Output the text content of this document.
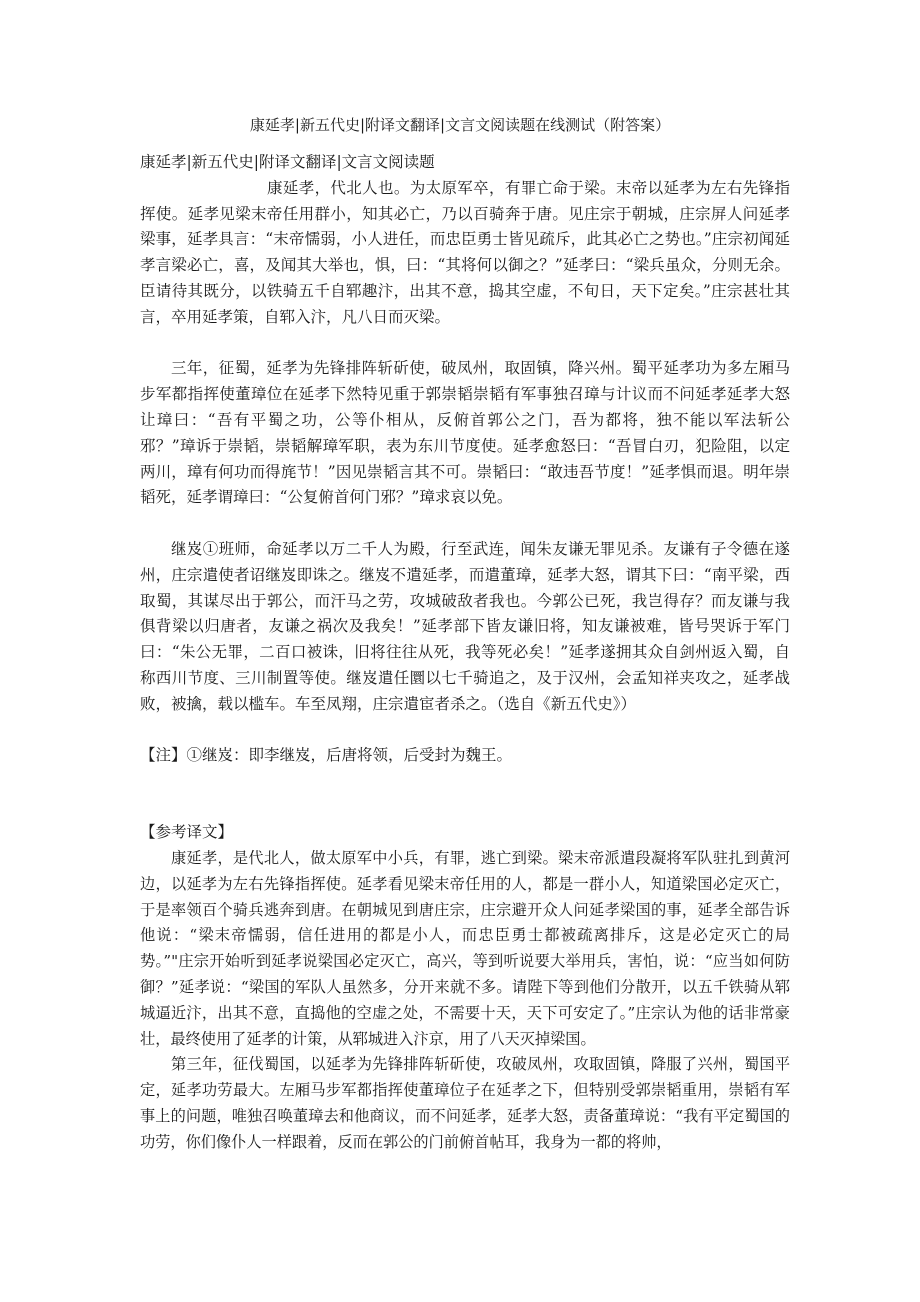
康延孝|新五代史|附译文翻译|文言文阅读题在线测试（附答案）

康延孝|新五代史|附译文翻译|文言文阅读题

康延孝，代北人也。为太原军卒，有罪亡命于梁。末帝以延孝为左右先锋指挥使。延孝见梁末帝任用群小，知其必亡，乃以百骑奔于唐。见庄宗于朝城，庄宗屏人问延孝梁事，延孝具言：“末帝懦弱，小人进任，而忠臣勇士皆见疏斥，此其必亡之势也。”庄宗初闻延孝言梁必亡，喜，及闻其大举也，惧，曰：“其将何以御之？”延孝曰：“梁兵虽众，分则无余。臣请待其既分，以铁骑五千自郓趣汴，出其不意，捣其空虚，不旬日，天下定矣。”庄宗甚壮其言，卒用延孝策，自郓入汴，凡八日而灭梁。

三年，征蜀，延孝为先锋排阵斩斫使，破凤州，取固镇，降兴州。蜀平延孝功为多左厢马步军都指挥使董璋位在延孝下然特见重于郭崇韬崇韬有军事独召璋与计议而不问延孝延孝大怒让璋曰：“吾有平蜀之功，公等仆相从，反俯首郭公之门，吾为都将，独不能以军法斩公邪？”璋诉于崇韬，崇韬解璋军职，表为东川节度使。延孝愈怒曰：“吾冒白刃，犯险阻，以定两川，璋有何功而得旄节！”因见崇韬言其不可。崇韬曰：“敢违吾节度！”延孝惧而退。明年崇韬死，延孝谓璋曰：“公复俯首何门邪？”璋求哀以免。

继岌①班师，命延孝以万二千人为殿，行至武连，闻朱友谦无罪见杀。友谦有子令德在遂州，庄宗遣使者诏继岌即诛之。继岌不遣延孝，而遣董璋，延孝大怒，谓其下曰：“南平梁，西取蜀，其谋尽出于郭公，而汗马之劳，攻城破敌者我也。今郭公已死，我岂得存？而友谦与我俱背梁以归唐者，友谦之祸次及我矣！”延孝部下皆友谦旧将，知友谦被难，皆号哭诉于军门曰：“朱公无罪，二百口被诛，旧将往往从死，我等死必矣！”延孝遂拥其众自剑州返入蜀，自称西川节度、三川制置等使。继岌遣任圜以七千骑追之，及于汉州，会孟知祥夹攻之，延孝战败，被擒，载以槛车。车至凤翔，庄宗遣宦者杀之。（选自《新五代史》）

【注】①继岌：即李继岌，后唐将领，后受封为魏王。

【参考译文】

康延孝，是代北人，做太原军中小兵，有罪，逃亡到梁。梁末帝派遣段凝将军队驻扎到黄河边，以延孝为左右先锋指挥使。延孝看见梁末帝任用的人，都是一群小人，知道梁国必定灭亡，于是率领百个骑兵逃奔到唐。在朝城见到唐庄宗，庄宗避开众人问延孝梁国的事，延孝全部告诉他说：“梁末帝懦弱，信任进用的都是小人，而忠臣勇士都被疏离排斥，这是必定灭亡的局势。”"庄宗开始听到延孝说梁国必定灭亡，高兴，等到听说要大举用兵，害怕，说：“应当如何防御？”延孝说：“梁国的军队人虽然多，分开来就不多。请陛下等到他们分散开，以五千铁骑从郓城逼近汴，出其不意，直捣他的空虚之处，不需要十天，天下可安定了。”庄宗认为他的话非常豪壮，最终使用了延孝的计策，从郓城进入汴京，用了八天灭掉梁国。

第三年，征伐蜀国，以延孝为先锋排阵斩斫使，攻破凤州，攻取固镇，降服了兴州，蜀国平定，延孝功劳最大。左厢马步军都指挥使董璋位子在延孝之下，但特别受郭崇韬重用，崇韬有军事上的问题，唯独召唤董璋去和他商议，而不问延孝，延孝大怒，责备董璋说：“我有平定蜀国的功劳，你们像仆人一样跟着，反而在郭公的门前俯首帖耳，我身为一都的将帅，
